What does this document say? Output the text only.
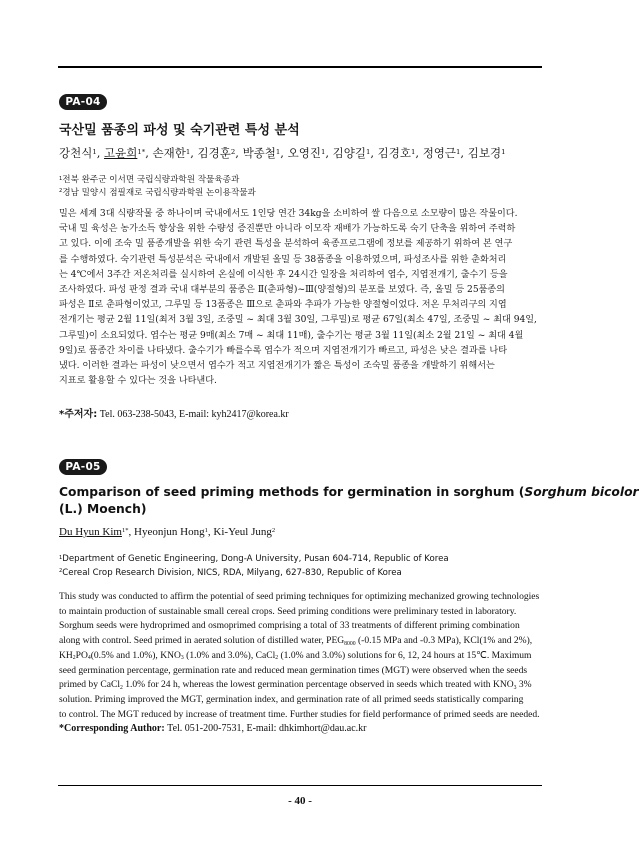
PA-04
국산밀 품종의 파성 및 숙기관련 특성 분석
강천식$^1$, 고윤희$^{1*}$, 손재한$^1$, 김경훈$^2$, 박종철$^1$, 오영진$^1$, 김양길$^1$, 김경호$^1$, 정영근$^1$, 김보경$^1$
$^1$전북 완주군 이서면 국립식량과학원 작물육종과
$^2$경남 밀양시 점필재로 국립식량과학원 논이용작물과
밀은 세계 3대 식량작물 중 하나이며 국내에서도 1인당 연간 34kg을 소비하여 쌀 다음으로 소모량이 많은 작물이다.
국내 밀 육성은 농가소득 향상을 위한 수량성 증진뿐만 아니라 이모작 재배가 가능하도록 숙기 단축을 위하여 주력하
고 있다. 이에 조숙 밀 품종개발을 위한 숙기 관련 특성을 분석하여 육종프로그램에 정보를 제공하기 위하여 본 연구
를 수행하였다. 숙기관련 특성분석은 국내에서 개발된 올밀 등 38품종을 이용하였으며, 파성조사를 위한 춘화처리
는 4℃에서 3주간 저온처리를 실시하여 온실에 이식한 후 24시간 일장을 처리하여 엽수, 지엽전개기, 출수기 등을
조사하였다. 파성 판정 결과 국내 대부분의 품종은 Ⅱ(춘파형)~Ⅲ(양절형)의 분포를 보였다. 즉, 올밀 등 25품종의
파성은 Ⅱ로 춘파형이었고, 그루밀 등 13품종은 Ⅲ으로 춘파와 추파가 가능한 양절형이었다. 저온 무처리구의 지엽
전개기는 평균 2월 11일(최저 3월 3일, 조중밀 ~ 최대 3월 30일, 그루밀)로 평균 67일(최소 47일, 조중밀 ~ 최대 94일,
그루밀)이 소요되었다. 엽수는 평균 9매(최소 7매 ~ 최대 11매), 출수기는 평균 3월 11일(최소 2월 21일 ~ 최대 4월
9일)로 품종간 차이를 나타냈다. 출수기가 빠를수록 엽수가 적으며 지엽전개기가 빠르고, 파성은 낮은 결과를 나타
냈다. 이러한 결과는 파성이 낮으면서 엽수가 적고 지엽전개기가 짧은 특성이 조숙밀 품종을 개발하기 위해서는
지표로 활용할 수 있다는 것을 나타낸다.
*주저자: Tel. 063-238-5043, E-mail: kyh2417@korea.kr
PA-05
Comparison of seed priming methods for germination in sorghum (Sorghum bicolor
(L.) Moench)
Du Hyun Kim$^{1*}$, Hyeonjun Hong$^1$, Ki-Yeul Jung$^2$
$^1$Department of Genetic Engineering, Dong-A University, Pusan 604-714, Republic of Korea
$^2$Cereal Crop Research Division, NICS, RDA, Milyang, 627-830, Republic of Korea
This study was conducted to affirm the potential of seed priming techniques for optimizing mechanized growing technologies
to maintain production of sustainable small cereal crops. Seed priming conditions were preliminary tested in laboratory.
Sorghum seeds were hydroprimed and osmoprimed comprising a total of 33 treatments of different priming combination
along with control. Seed primed in aerated solution of distilled water, $PEG_{8000}$ (-0.15 MPa and -0.3 MPa), KCl(1% and 2%),
$KH_2PO_4(0.5\%$ and 1.0%), $KNO_3$ (1.0% and 3.0%), CaCl$_2$ (1.0% and 3.0%) solutions for 6, 12, 24 hours at 15℃. Maximum
seed germination percentage, germination rate and reduced mean germination times (MGT) were observed when the seeds
primed by CaCl$_2$ 1.0% for 24 h, whereas the lowest germination percentage observed in seeds which treated with $KNO_3$ 3%
solution. Priming improved the MGT, germination index, and germination rate of all primed seeds statistically comparing
to control. The MGT reduced by increase of treatment time. Further studies for field performance of primed seeds are needed.
*Corresponding Author: Tel. 051-200-7531, E-mail: dhkimhort@dau.ac.kr
- 40 -
